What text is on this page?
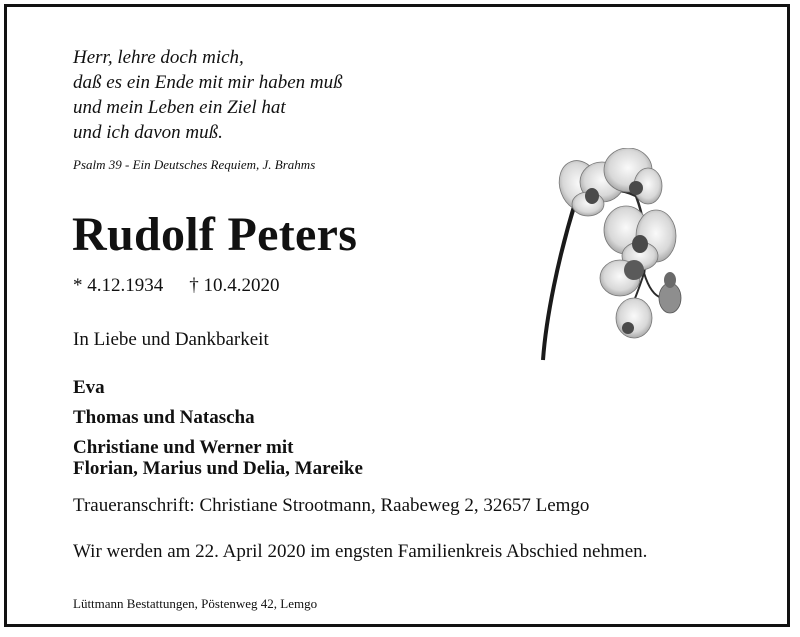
Herr, lehre doch mich,
daß es ein Ende mit mir haben muß
und mein Leben ein Ziel hat
und ich davon muß.
Psalm 39 - Ein Deutsches Requiem, J. Brahms
Rudolf Peters
* 4.12.1934 † 10.4.2020
In Liebe und Dankbarkeit
Eva
Thomas und Natascha
Christiane und Werner mit
Florian, Marius und Delia, Mareike
Traueranschrift: Christiane Strootmann, Raabeweg 2, 32657 Lemgo
Wir werden am 22. April 2020 im engsten Familienkreis Abschied nehmen.
Lüttmann Bestattungen, Pöstenweg 42, Lemgo
